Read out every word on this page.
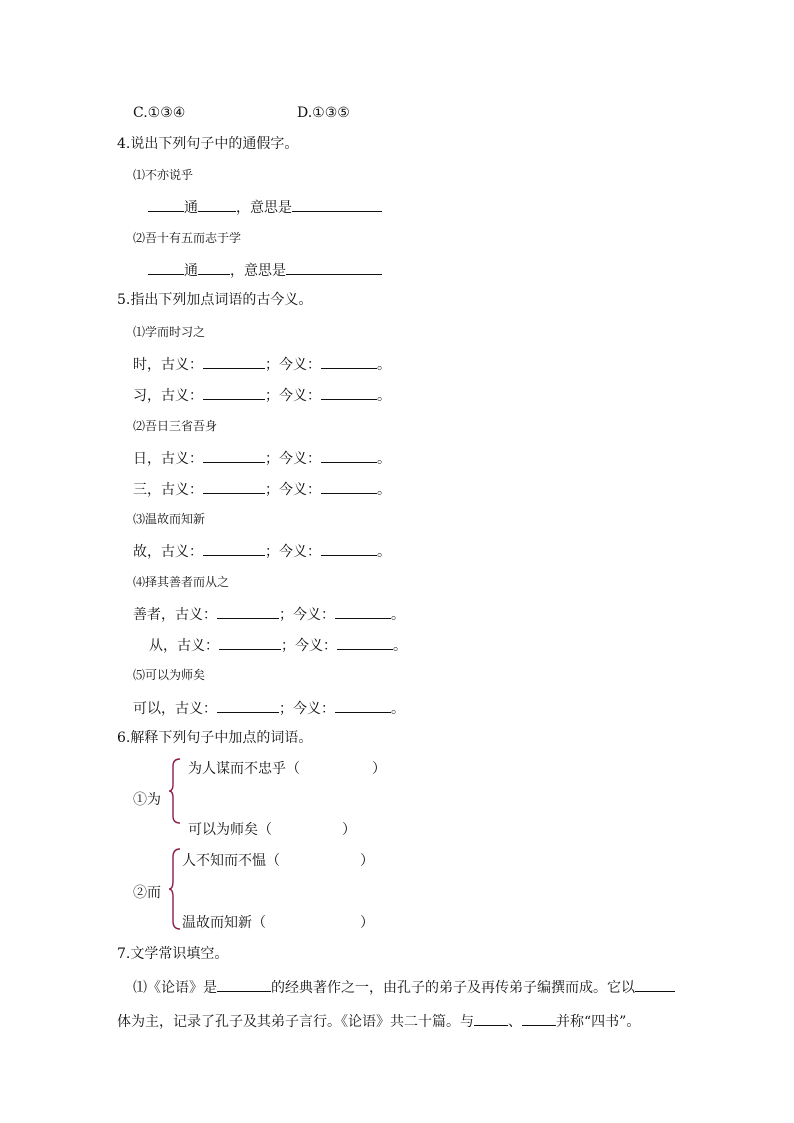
C.①③④	D.①③⑤
4.说出下列句子中的通假字。
⑴不亦说乎
通	，意思是
⑵吾十有五而志于学
通 ，意思是
5.指出下列加点词语的古今义。
⑴学而时习之
时，古义：	；今义：	。
习，古义：	；今义：	。
⑵吾日三省吾身
日，古义：	；今义：	。
三，古义：	；今义：	。
⑶温故而知新
故，古义：	；今义：	。
⑷择其善者而从之
善者，古义：	；今义：	。
从，古义：	；今义：	。
⑸可以为师矣
可以，古义：	；今义：	。
6.解释下列句子中加点的词语。
①为
为人谋而不忠乎（	）
可以为师矣（	）
②而
人不知而不愠（	）
温故而知新（	）
7.文学常识填空。
⑴《论语》是	的经典著作之一，由孔子的弟子及再传弟子编撰而成。它以
体为主，记录了孔子及其弟子言行。《论语》共二十篇。与 、 并称“四书”。
